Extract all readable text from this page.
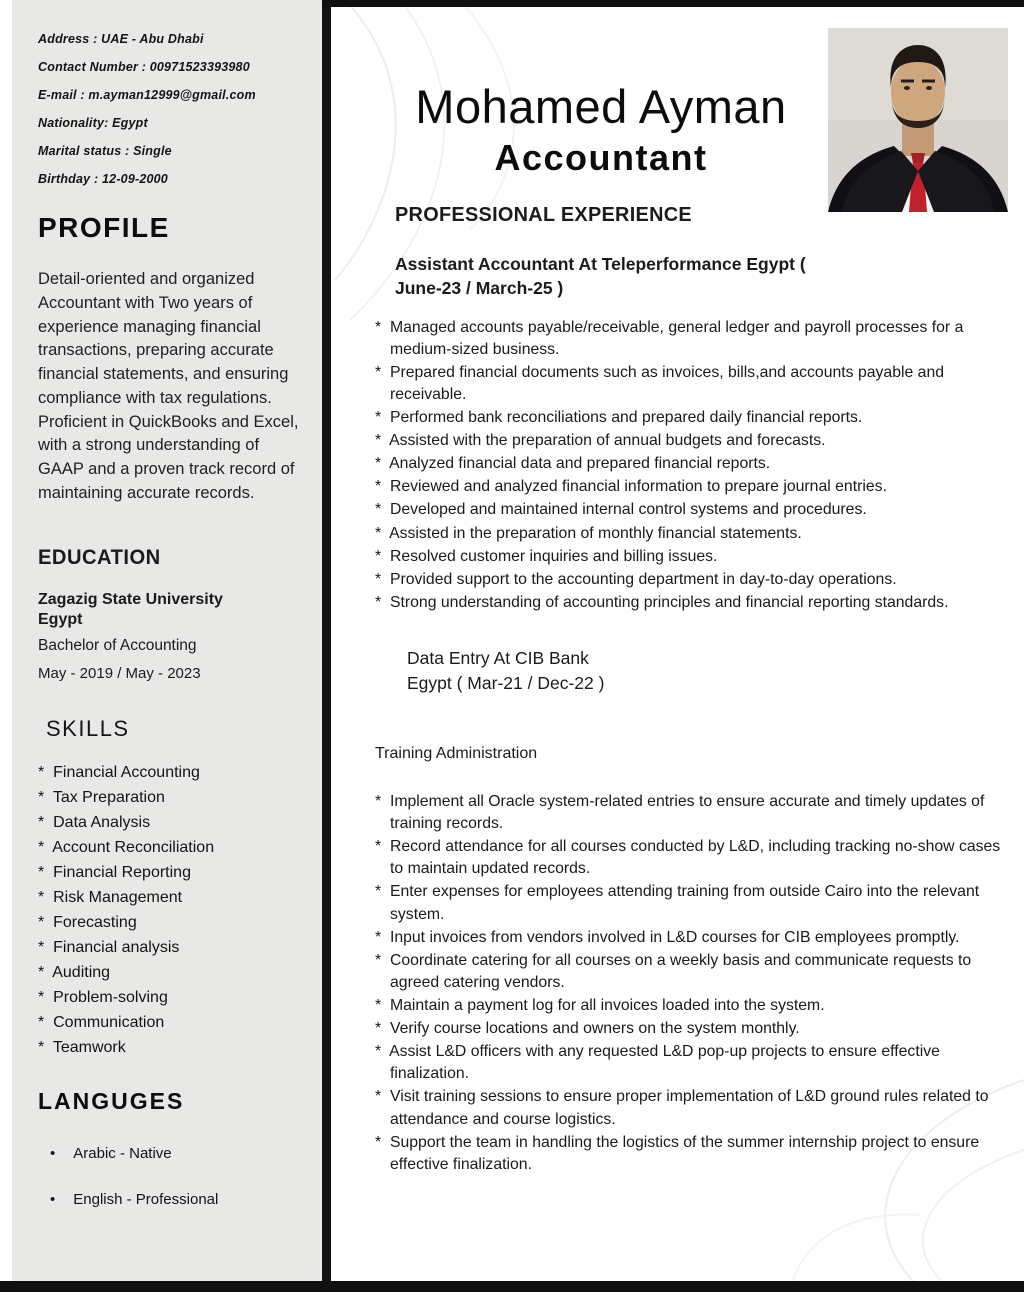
Address : UAE - Abu Dhabi
Contact Number : 00971523393980
E-mail : m.ayman12999@gmail.com
Nationality: Egypt
Marital status : Single
Birthday : 12-09-2000
PROFILE

Detail-oriented and organized Accountant with Two years of experience managing financial transactions, preparing accurate financial statements, and ensuring compliance with tax regulations. Proficient in QuickBooks and Excel, with a strong understanding of GAAP and a proven track record of maintaining accurate records.

EDUCATION
Zagazig State University Egypt
Bachelor of Accounting
May - 2019 / May - 2023
SKILLS
* Financial Accounting
* Tax Preparation
* Data Analysis
* Account Reconciliation
* Financial Reporting
* Risk Management
* Forecasting
* Financial analysis
* Auditing
* Problem-solving
* Communication
* Teamwork
LANGUGES
• Arabic - Native
• English - Professional
Mohamed Ayman
Accountant
PROFESSIONAL EXPERIENCE
Assistant Accountant At Teleperformance Egypt ( June-23 / March-25 )
* Managed accounts payable/receivable, general ledger and payroll processes for a medium-sized business.
* Prepared financial documents such as invoices, bills,and accounts payable and receivable.
* Performed bank reconciliations and prepared daily financial reports.
* Assisted with the preparation of annual budgets and forecasts.
* Analyzed financial data and prepared financial reports.
* Reviewed and analyzed financial information to prepare journal entries.
* Developed and maintained internal control systems and procedures.
* Assisted in the preparation of monthly financial statements.
* Resolved customer inquiries and billing issues.
* Provided support to the accounting department in day-to-day operations.
* Strong understanding of accounting principles and financial reporting standards.
Data Entry At CIB Bank
Egypt ( Mar-21 / Dec-22 )
Training Administration
* Implement all Oracle system-related entries to ensure accurate and timely updates of training records.
* Record attendance for all courses conducted by L&D, including tracking no-show cases to maintain updated records.
* Enter expenses for employees attending training from outside Cairo into the relevant system.
* Input invoices from vendors involved in L&D courses for CIB employees promptly.
* Coordinate catering for all courses on a weekly basis and communicate requests to agreed catering vendors.
* Maintain a payment log for all invoices loaded into the system.
* Verify course locations and owners on the system monthly.
* Assist L&D officers with any requested L&D pop-up projects to ensure effective finalization.
* Visit training sessions to ensure proper implementation of L&D ground rules related to attendance and course logistics.
* Support the team in handling the logistics of the summer internship project to ensure effective finalization.
